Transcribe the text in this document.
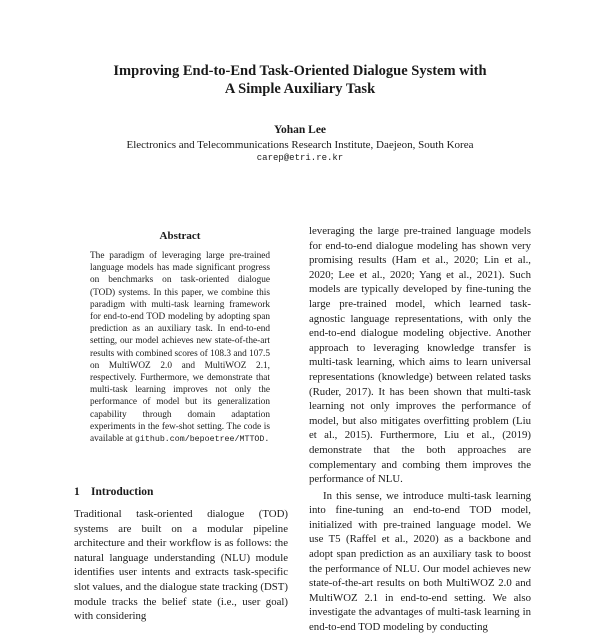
Improving End-to-End Task-Oriented Dialogue System with
A Simple Auxiliary Task
Yohan Lee
Electronics and Telecommunications Research Institute, Daejeon, South Korea
carep@etri.re.kr
Abstract

The paradigm of leveraging large pre-trained language models has made significant progress on benchmarks on task-oriented dialogue (TOD) systems. In this paper, we combine this paradigm with multi-task learning framework for end-to-end TOD modeling by adopting span prediction as an auxiliary task. In end-to-end setting, our model achieves new state-of-the-art results with combined scores of 108.3 and 107.5 on MultiWOZ 2.0 and MultiWOZ 2.1, respectively. Furthermore, we demonstrate that multi-task learning improves not only the performance of model but its generalization capability through domain adaptation experiments in the few-shot setting. The code is available at github.com/bepoetree/MTTOD.

1 Introduction

Traditional task-oriented dialogue (TOD) systems are built on a modular pipeline architecture and their workflow is as follows: the natural language understanding (NLU) module identifies user intents and extracts task-specific slot values, and the dialogue state tracking (DST) module tracks the belief state (i.e., user goal) with considering

leveraging the large pre-trained language models for end-to-end dialogue modeling has shown very promising results (Ham et al., 2020; Lin et al., 2020; Lee et al., 2020; Yang et al., 2021). Such models are typically developed by fine-tuning the large pre-trained model, which learned task-agnostic language representations, with only the end-to-end dialogue modeling objective. Another approach to leveraging knowledge transfer is multi-task learning, which aims to learn universal representations (knowledge) between related tasks (Ruder, 2017). It has been shown that multi-task learning not only improves the performance of model, but also mitigates overfitting problem (Liu et al., 2015). Furthermore, Liu et al., (2019) demonstrate that the both approaches are complementary and combing them improves the performance of NLU.

In this sense, we introduce multi-task learning into fine-tuning an end-to-end TOD model, initialized with pre-trained language model. We use T5 (Raffel et al., 2020) as a backbone and adopt span prediction as an auxiliary task to boost the performance of NLU. Our model achieves new state-of-the-art results on both MultiWOZ 2.0 and MultiWOZ 2.1 in end-to-end setting. We also investigate the advantages of multi-task learning in end-to-end TOD modeling by conducting
